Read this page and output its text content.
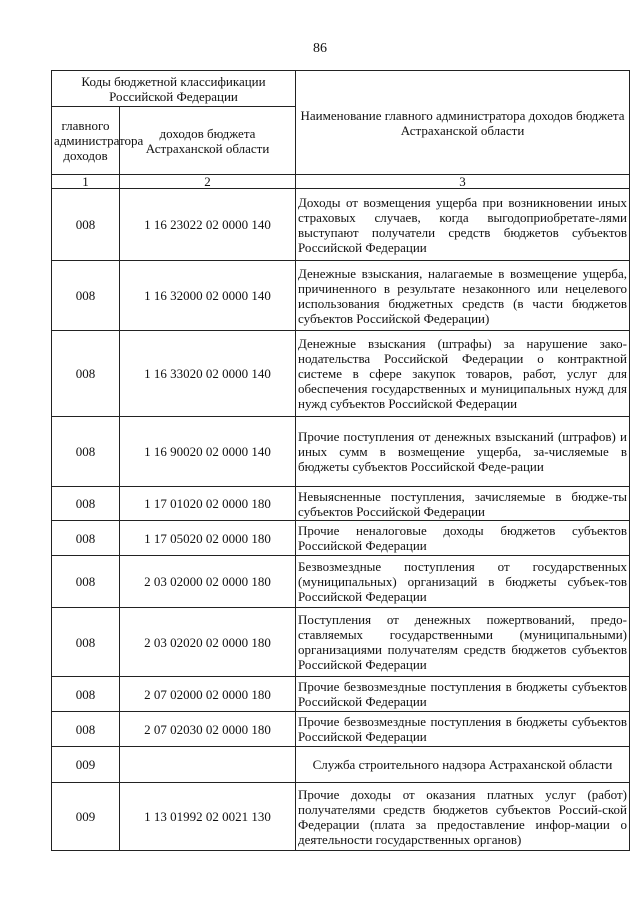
86
Коды бюджетной классификации Российской Федерации		Наименование главного администратора доходов бюджета Астраханской области
главного администратора доходов	доходов бюджета Астраханской области	
1	2	3
008	1 16 23022 02 0000 140	Доходы от возмещения ущерба при возникновении иных страховых случаев, когда выгодоприобретате-лями выступают получатели средств бюджетов субъектов Российской Федерации
008	1 16 32000 02 0000 140	Денежные взыскания, налагаемые в возмещение ущерба, причиненного в результате незаконного или нецелевого использования бюджетных средств (в части бюджетов субъектов Российской Федерации)
008	1 16 33020 02 0000 140	Денежные взыскания (штрафы) за нарушение зако-нодательства Российской Федерации о контрактной системе в сфере закупок товаров, работ, услуг для обеспечения государственных и муниципальных нужд для нужд субъектов Российской Федерации
008	1 16 90020 02 0000 140	Прочие поступления от денежных взысканий (штрафов) и иных сумм в возмещение ущерба, за-числяемые в бюджеты субъектов Российской Феде-рации
008	1 17 01020 02 0000 180	Невыясненные поступления, зачисляемые в бюдже-ты субъектов Российской Федерации
008	1 17 05020 02 0000 180	Прочие неналоговые доходы бюджетов субъектов Российской Федерации
008	2 03 02000 02 0000 180	Безвозмездные поступления от государственных (муниципальных) организаций в бюджеты субъек-тов Российской Федерации
008	2 03 02020 02 0000 180	Поступления от денежных пожертвований, предо-ставляемых государственными (муниципальными) организациями получателям средств бюджетов субъектов Российской Федерации
008	2 07 02000 02 0000 180	Прочие безвозмездные поступления в бюджеты субъектов Российской Федерации
008	2 07 02030 02 0000 180	Прочие безвозмездные поступления в бюджеты субъектов Российской Федерации
009		Служба строительного надзора Астраханской области
009	1 13 01992 02 0021 130	Прочие доходы от оказания платных услуг (работ) получателями средств бюджетов субъектов Россий-ской Федерации (плата за предоставление инфор-мации о деятельности государственных органов)
